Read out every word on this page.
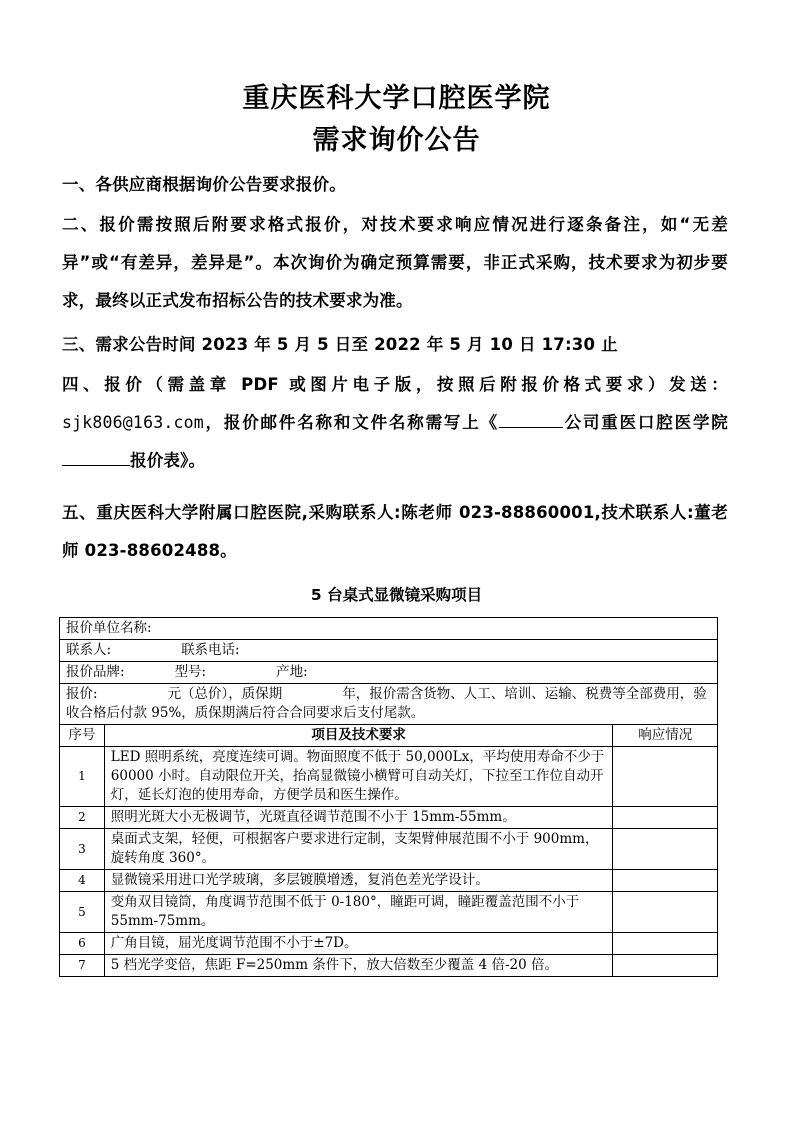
重庆医科大学口腔医学院
需求询价公告
一、各供应商根据询价公告要求报价。
二、报价需按照后附要求格式报价，对技术要求响应情况进行逐条备注，如“无差异”或“有差异，差异是”。本次询价为确定预算需要，非正式采购，技术要求为初步要求，最终以正式发布招标公告的技术要求为准。
三、需求公告时间 2023 年 5 月 5 日至 2022 年 5 月 10 日 17:30 止
四、报价（需盖章 PDF 或图片电子版，按照后附报价格式要求）发送：sjk806@163.com，报价邮件名称和文件名称需写上《	公司重医口腔医学院报价表》。
五、重庆医科大学附属口腔医院,采购联系人:陈老师 023-88860001,技术联系人:董老师 023-88602488。
5 台桌式显微镜采购项目
报价单位名称:		
联系人: 联系电话:		
报价品牌: 型号: 产地:		
报价: 元（总价），质保期 年，报价需含货物、人工、培训、运输、税费等全部费用，验收合格后付款 95%，质保期满后符合合同要求后支付尾款。		
序号	项目及技术要求	响应情况
1	LED 照明系统，亮度连续可调。物面照度不低于 50,000Lx，平均使用寿命不少于 60000 小时。自动限位开关，抬高显微镜小横臂可自动关灯，下拉至工作位自动开灯，延长灯泡的使用寿命，方便学员和医生操作。	
2	照明光斑大小无极调节，光斑直径调节范围不小于 15mm-55mm。	
3	桌面式支架，轻便，可根据客户要求进行定制，支架臂伸展范围不小于 900mm，旋转角度 360°。	
4	显微镜采用进口光学玻璃，多层镀膜增透，复消色差光学设计。	
5	变角双目镜筒，角度调节范围不低于 0-180°，瞳距可调，瞳距覆盖范围不小于 55mm-75mm。	
6	广角目镜，屈光度调节范围不小于±7D。	
7	5 档光学变倍，焦距 F=250mm 条件下，放大倍数至少覆盖 4 倍-20 倍。	
